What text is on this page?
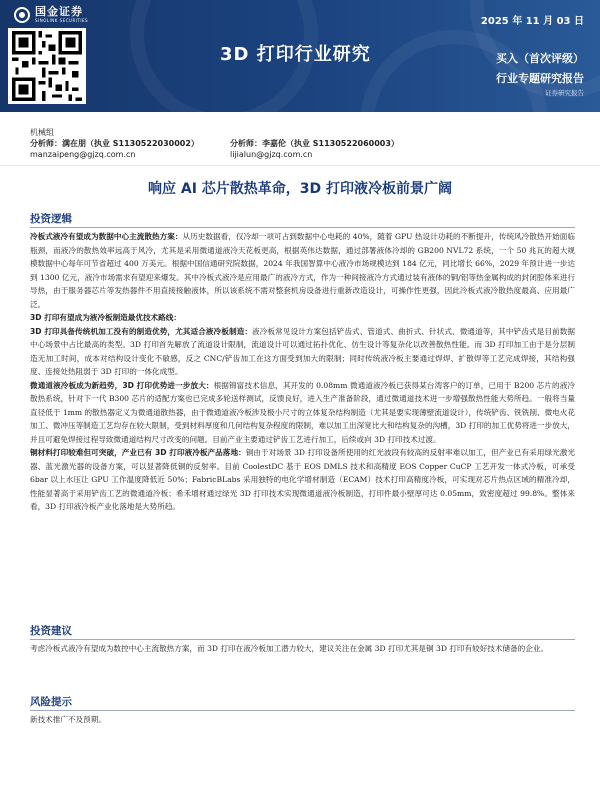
国金证券
SINOLINK SECURITIES	2025 年 11 月 03 日
3D 打印行业研究	买入（首次评级）
行业专题研究报告
证券研究报告
机械组
分析师：满在朋（执业 S1130522030002）	分析师：李嘉伦（执业 S1130522060003）
manzaipeng@gjzq.com.cn	lijialun@gjzq.com.cn
响应 AI 芯片散热革命，3D 打印液冷板前景广阔
投资逻辑
冷板式液冷有望成为数据中心主流散热方案：从历史数据看，仅冷却一项可占到数据中心电耗的 40%，随着 GPU 热设计功耗的不断提升，传统风冷散热开始面临瓶颈，而液冷的散热效率远高于风冷，尤其是采用微通道液冷天花板更高，根据英伟达数据，通过部署液体冷却的 GB200 NVL72 系统，一个 50 兆瓦的超大规模数据中心每年可节省超过 400 万美元。根据中国信通研究院数据，2024 年我国智算中心液冷市场规模达到 184 亿元，同比增长 66%，2029 年预计进一步达到 1300 亿元，液冷市场需求有望迎来爆发。其中冷板式液冷是应用最广的液冷方式，作为一种间接液冷方式通过装有液体的铜/铝等热金属构成的封闭腔体来进行导热，由于服务器芯片等发热器件不用直接接触液体，所以该系统不需对整套机房设备进行重新改造设计，可操作性更强，因此冷板式液冷散热度最高、应用最广泛。
3D 打印有望成为液冷板制造最优技术路线：
3D 打印具备传统机加工没有的制造优势，尤其适合液冷板制造：液冷板常见设计方案包括铲齿式、管道式、曲折式、针状式、微通道等，其中铲齿式是目前数据中心场景中占比最高的类型。3D 打印首先解放了流道设计限制，流道设计可以通过拓扑优化、仿生设计等复杂化以改善散热性能。而 3D 打印加工由于是分层制造无加工时间，成本对结构设计变化不敏感，反之 CNC/铲齿加工在这方面受到加大的限制；同时传统液冷板主要通过焊焊、扩散焊等工艺完成焊接，其结构强度、连接处热阻弱于 3D 打印的一体化成型。
微通道液冷板成为新趋势，3D 打印优势进一步放大：根据锦富技术信息，其开发的 0.08mm 微通道液冷板已获得某台湾客户的订单，已用于 B200 芯片的液冷散热系统，针对下一代 B300 芯片的适配方案也已完成多轮送样测试，反馈良好，进入生产准备阶段，通过微通道技术进一步增强散热性能大势所趋。一般将当量直径低于 1mm 的散热器定义为微通道散热器，由于微通道液冷板涉及极小尺寸的立体复杂结构制造（尤其是要实现薄壁流道设计），传统铲齿、铣铣削、微电火花加工、微冲压等制造工艺均存在较大限制，受到材料厚度和几何结构复杂程度的限制，难以加工出深宽比大和结构复杂的沟槽，3D 打印的加工优势将进一步放大，并且可避免焊接过程导致微通道结构尺寸改变的问题。目前产业主要通过铲齿工艺进行加工，后续或向 3D 打印技术过渡。
铜材料打印较难但可突破，产业已有 3D 打印液冷板产品落地：铜由于对场景 3D 打印设备所使用的红光波段有较高的反射率难以加工，但产业已有采用绿光激光器、蓝光激光器的设备方案，可以显著降低铜的反射率。目前 CoolestDC 基于 EOS DMLS 技术和高精度 EOS Copper CuCP 工艺开发一体式冷板，可承受 6bar 以上水压让 GPU 工作温度降低近 50%；FabricBLabs 采用独特的电化学增材制造（ECAM）技术打印高精度冷板，可实现对芯片热点区域的精准冷却，性能显著高于采用铲齿工艺的微通道冷板；希禾增材通过绿光 3D 打印技术实现微通道液冷板制造，打印件最小壁厚可达 0.05mm，致密度超过 99.8%。整体来看，3D 打印液冷板产业化落地是大势所趋。
投资建议
考虑冷板式液冷有望成为数控中心主流散热方案，而 3D 打印在液冷板加工潜力较大，建议关注在金属 3D 打印尤其是铜 3D 打印有较好技术储备的企业。
风险提示
新技术推广不及预期。
